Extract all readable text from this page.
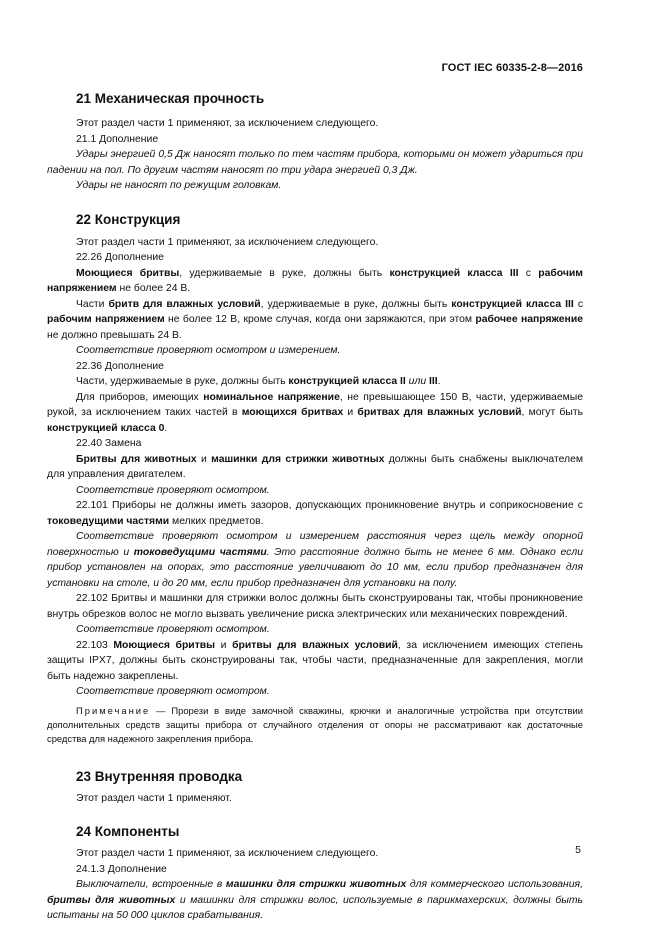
ГОСТ IEC 60335-2-8—2016
21 Механическая прочность

Этот раздел части 1 применяют, за исключением следующего.

21.1 Дополнение

Удары энергией 0,5 Дж наносят только по тем частям прибора, которыми он может удариться при падении на пол. По другим частям наносят по три удара энергией 0,3 Дж.

Удары не наносят по режущим головкам.

22 Конструкция

Этот раздел части 1 применяют, за исключением следующего.

22.26 Дополнение

Моющиеся бритвы, удерживаемые в руке, должны быть конструкцией класса III с рабочим напряжением не более 24 В.

Части бритв для влажных условий, удерживаемые в руке, должны быть конструкцией класса III с рабочим напряжением не более 12 В, кроме случая, когда они заряжаются, при этом рабочее напряжение не должно превышать 24 В.

Соответствие проверяют осмотром и измерением.

22.36 Дополнение

Части, удерживаемые в руке, должны быть конструкцией класса II или III.

Для приборов, имеющих номинальное напряжение, не превышающее 150 В, части, удерживаемые рукой, за исключением таких частей в моющихся бритвах и бритвах для влажных условий, могут быть конструкцией класса 0.

22.40 Замена

Бритвы для животных и машинки для стрижки животных должны быть снабжены выключателем для управления двигателем.

Соответствие проверяют осмотром.

22.101 Приборы не должны иметь зазоров, допускающих проникновение внутрь и соприкосновение с токоведущими частями мелких предметов.

Соответствие проверяют осмотром и измерением расстояния через щель между опорной поверхностью и токоведущими частями. Это расстояние должно быть не менее 6 мм. Однако если прибор установлен на опорах, это расстояние увеличивают до 10 мм, если прибор предназначен для установки на столе, и до 20 мм, если прибор предназначен для установки на полу.

22.102 Бритвы и машинки для стрижки волос должны быть сконструированы так, чтобы проникновение внутрь обрезков волос не могло вызвать увеличение риска электрических или механических повреждений.

Соответствие проверяют осмотром.

22.103 Моющиеся бритвы и бритвы для влажных условий, за исключением имеющих степень защиты IPX7, должны быть сконструированы так, чтобы части, предназначенные для закрепления, могли быть надежно закреплены.

Соответствие проверяют осмотром.

Примечание — Прорези в виде замочной скважины, крючки и аналогичные устройства при отсутствии дополнительных средств защиты прибора от случайного отделения от опоры не рассматривают как достаточные средства для надежного закрепления прибора.

23 Внутренняя проводка

Этот раздел части 1 применяют.

24 Компоненты

Этот раздел части 1 применяют, за исключением следующего.

24.1.3 Дополнение

Выключатели, встроенные в машинки для стрижки животных для коммерческого использования, бритвы для животных и машинки для стрижки волос, используемые в парикмахерских, должны быть испытаны на 50 000 циклов срабатывания.

5
